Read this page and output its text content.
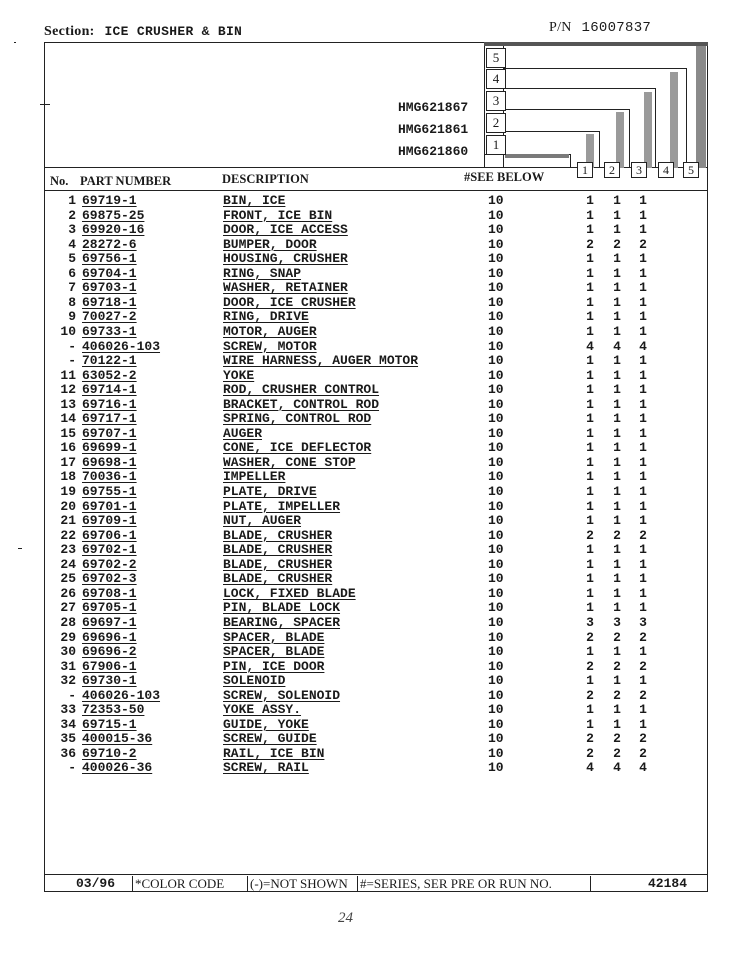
Section: ICE CRUSHER & BIN	P/N 16007837
5
4
3
2
1
HMG621867
HMG621861
HMG621860
No. PART NUMBER	DESCRIPTION	#SEE BELOW	1	2	3	4	5
1 69719-1	BIN, ICE	10	1 1 1
2 69875-25	FRONT, ICE BIN	10	1 1 1
3 69920-16	DOOR, ICE ACCESS	10	1 1 1
4 28272-6	BUMPER, DOOR	10	2 2 2
5 69756-1	HOUSING, CRUSHER	10	1 1 1
6 69704-1	RING, SNAP	10	1 1 1
7 69703-1	WASHER, RETAINER	10	1 1 1
8 69718-1	DOOR, ICE CRUSHER	10	1 1 1
9 70027-2	RING, DRIVE	10	1 1 1
10 69733-1	MOTOR, AUGER	10	1 1 1
- 406026-103	SCREW, MOTOR	10	4 4 4
- 70122-1	WIRE HARNESS, AUGER MOTOR	10	1 1 1
11 63052-2	YOKE	10	1 1 1
12 69714-1	ROD, CRUSHER CONTROL	10	1 1 1
13 69716-1	BRACKET, CONTROL ROD	10	1 1 1
14 69717-1	SPRING, CONTROL ROD	10	1 1 1
15 69707-1	AUGER	10	1 1 1
16 69699-1	CONE, ICE DEFLECTOR	10	1 1 1
17 69698-1	WASHER, CONE STOP	10	1 1 1
18 70036-1	IMPELLER	10	1 1 1
19 69755-1	PLATE, DRIVE	10	1 1 1
20 69701-1	PLATE, IMPELLER	10	1 1 1
21 69709-1	NUT, AUGER	10	1 1 1
22 69706-1	BLADE, CRUSHER	10	2 2 2
23 69702-1	BLADE, CRUSHER	10	1 1 1
24 69702-2	BLADE, CRUSHER	10	1 1 1
25 69702-3	BLADE, CRUSHER	10	1 1 1
26 69708-1	LOCK, FIXED BLADE	10	1 1 1
27 69705-1	PIN, BLADE LOCK	10	1 1 1
28 69697-1	BEARING, SPACER	10	3 3 3
29 69696-1	SPACER, BLADE	10	2 2 2
30 69696-2	SPACER, BLADE	10	1 1 1
31 67906-1	PIN, ICE DOOR	10	2 2 2
32 69730-1	SOLENOID	10	1 1 1
- 406026-103	SCREW, SOLENOID	10	2 2 2
33 72353-50	YOKE ASSY.	10	1 1 1
34 69715-1	GUIDE, YOKE	10	1 1 1
35 400015-36	SCREW, GUIDE	10	2 2 2
36 69710-2	RAIL, ICE BIN	10	2 2 2
- 400026-36	SCREW, RAIL	10	4 4 4
03/96 *COLOR CODE (-)=NOT SHOWN #=SERIES, SER PRE OR RUN NO.	42184
24
